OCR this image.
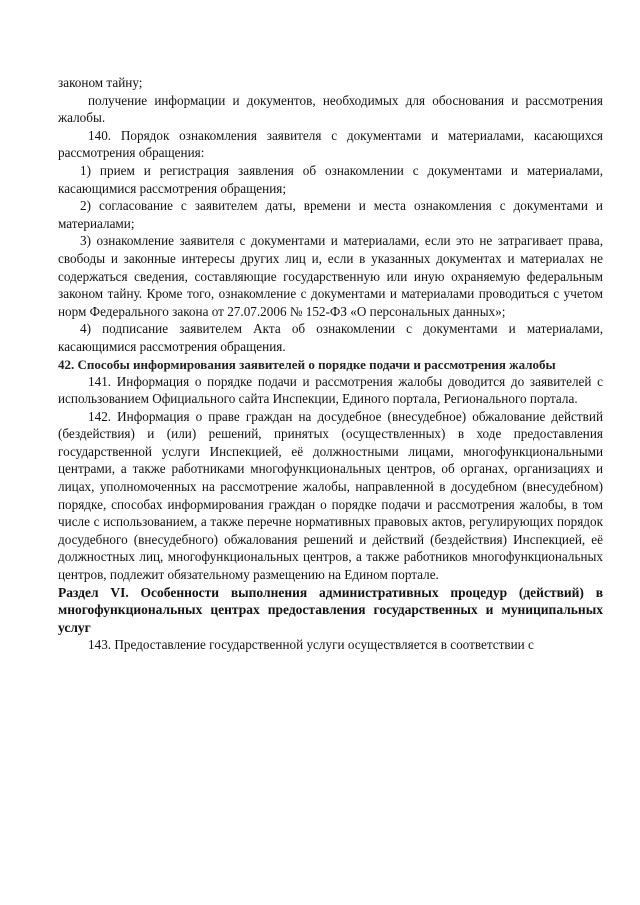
законом тайну;

получение информации и документов, необходимых для обоснования и рассмотрения жалобы.

140. Порядок ознакомления заявителя с документами и материалами, касающихся рассмотрения обращения:

1) прием и регистрация заявления об ознакомлении с документами и материалами, касающимися рассмотрения обращения;

2) согласование с заявителем даты, времени и места ознакомления с документами и материалами;

3) ознакомление заявителя с документами и материалами, если это не затрагивает права, свободы и законные интересы других лиц и, если в указанных документах и материалах не содержаться сведения, составляющие государственную или иную охраняемую федеральным законом тайну. Кроме того, ознакомление с документами и материалами проводиться с учетом норм Федерального закона от 27.07.2006 № 152-ФЗ «О персональных данных»;

4) подписание заявителем Акта об ознакомлении с документами и материалами, касающимися рассмотрения обращения.

42. Способы информирования заявителей о порядке подачи и рассмотрения жалобы

141. Информация о порядке подачи и рассмотрения жалобы доводится до заявителей с использованием Официального сайта Инспекции, Единого портала, Регионального портала.

142. Информация о праве граждан на досудебное (внесудебное) обжалование действий (бездействия) и (или) решений, принятых (осуществленных) в ходе предоставления государственной услуги Инспекцией, её должностными лицами, многофункциональными центрами, а также работниками многофункциональных центров, об органах, организациях и лицах, уполномоченных на рассмотрение жалобы, направленной в досудебном (внесудебном) порядке, способах информирования граждан о порядке подачи и рассмотрения жалобы, в том числе с использованием, а также перечне нормативных правовых актов, регулирующих порядок досудебного (внесудебного) обжалования решений и действий (бездействия) Инспекцией, её должностных лиц, многофункциональных центров, а также работников многофункциональных центров, подлежит обязательному размещению на Едином портале.

Раздел VI. Особенности выполнения административных процедур (действий) в многофункциональных центрах предоставления государственных и муниципальных услуг

143. Предоставление государственной услуги осуществляется в соответствии с
